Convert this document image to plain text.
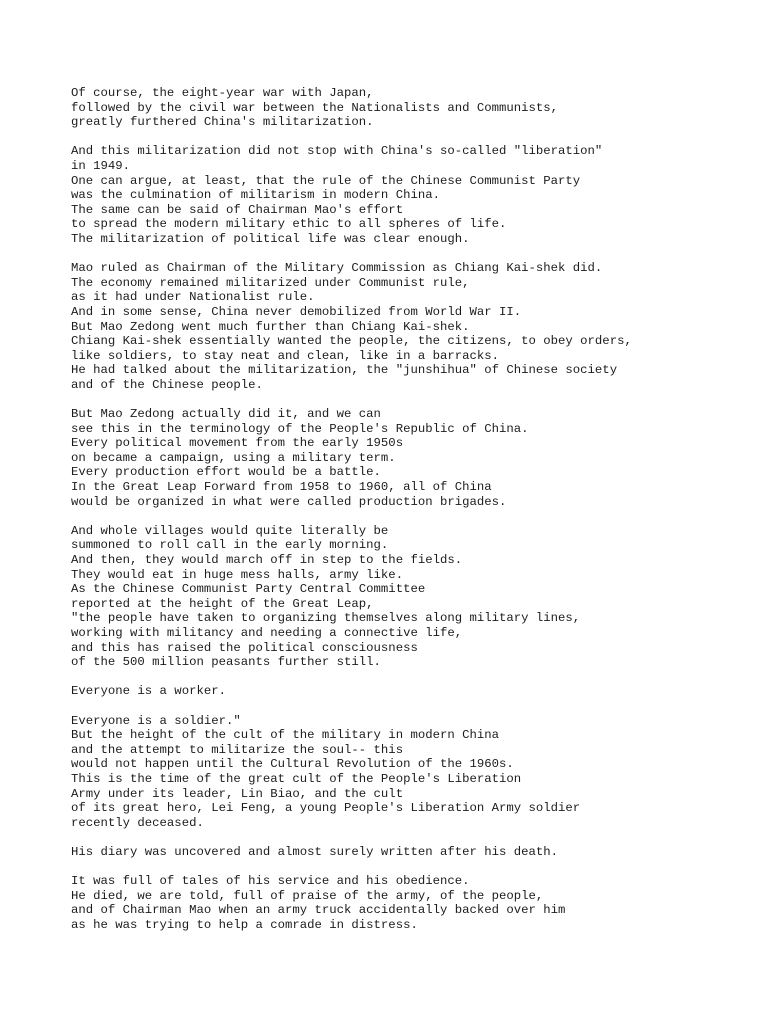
Of course, the eight-year war with Japan,
followed by the civil war between the Nationalists and Communists,
greatly furthered China's militarization.

And this militarization did not stop with China's so-called "liberation"
in 1949.
One can argue, at least, that the rule of the Chinese Communist Party
was the culmination of militarism in modern China.
The same can be said of Chairman Mao's effort
to spread the modern military ethic to all spheres of life.
The militarization of political life was clear enough.

Mao ruled as Chairman of the Military Commission as Chiang Kai-shek did.
The economy remained militarized under Communist rule,
as it had under Nationalist rule.
And in some sense, China never demobilized from World War II.
But Mao Zedong went much further than Chiang Kai-shek.
Chiang Kai-shek essentially wanted the people, the citizens, to obey orders,
like soldiers, to stay neat and clean, like in a barracks.
He had talked about the militarization, the "junshihua" of Chinese society
and of the Chinese people.

But Mao Zedong actually did it, and we can
see this in the terminology of the People's Republic of China.
Every political movement from the early 1950s
on became a campaign, using a military term.
Every production effort would be a battle.
In the Great Leap Forward from 1958 to 1960, all of China
would be organized in what were called production brigades.

And whole villages would quite literally be
summoned to roll call in the early morning.
And then, they would march off in step to the fields.
They would eat in huge mess halls, army like.
As the Chinese Communist Party Central Committee
reported at the height of the Great Leap,
"the people have taken to organizing themselves along military lines,
working with militancy and needing a connective life,
and this has raised the political consciousness
of the 500 million peasants further still.

Everyone is a worker.

Everyone is a soldier."
But the height of the cult of the military in modern China
and the attempt to militarize the soul-- this
would not happen until the Cultural Revolution of the 1960s.
This is the time of the great cult of the People's Liberation
Army under its leader, Lin Biao, and the cult
of its great hero, Lei Feng, a young People's Liberation Army soldier
recently deceased.

His diary was uncovered and almost surely written after his death.

It was full of tales of his service and his obedience.
He died, we are told, full of praise of the army, of the people,
and of Chairman Mao when an army truck accidentally backed over him
as he was trying to help a comrade in distress.
